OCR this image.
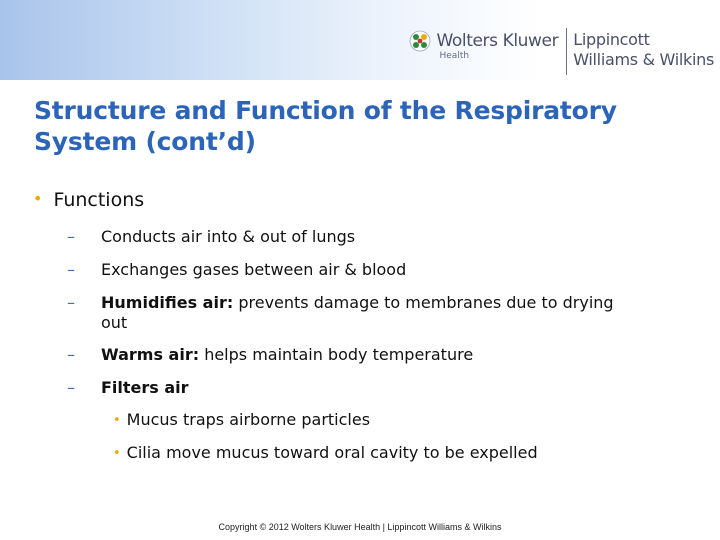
Wolters Kluwer
Health
Lippincott
Williams & Wilkins
Structure and Function of the Respiratory
System (cont’d)
• Functions
– Conducts air into & out of lungs
– Exchanges gases between air & blood
– Humidifies air: prevents damage to membranes due to drying
out
– Warms air: helps maintain body temperature
– Filters air
• Mucus traps airborne particles
• Cilia move mucus toward oral cavity to be expelled
Copyright © 2012 Wolters Kluwer Health | Lippincott Williams & Wilkins
